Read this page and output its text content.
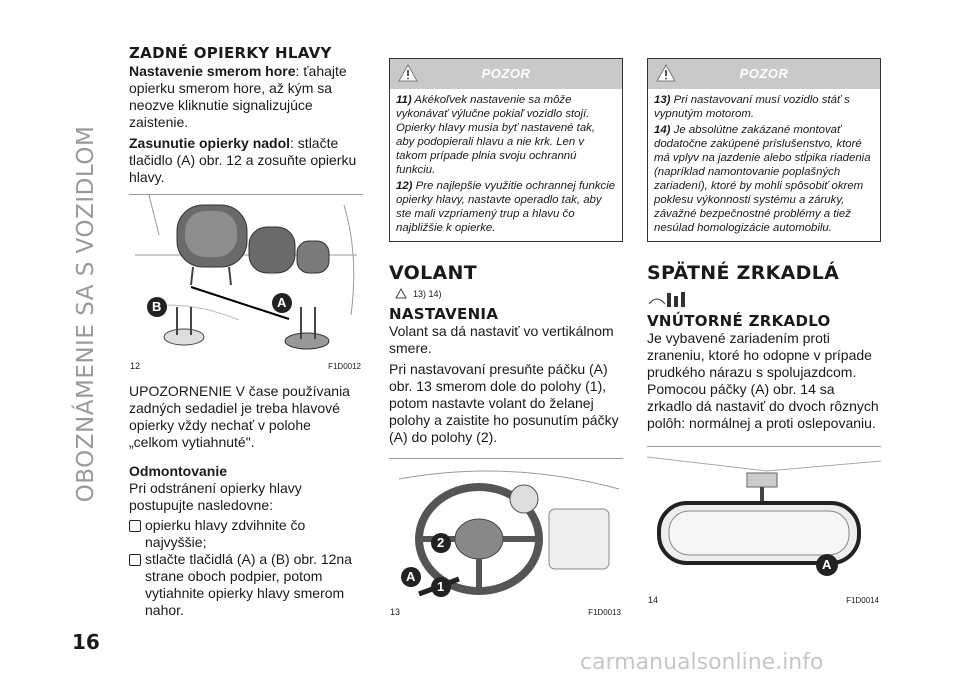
OBOZNÁMENIE SA S VOZIDLOM
16
carmanualsonline.info
ZADNÉ OPIERKY HLAVY

Nastavenie smerom hore: ťahajte opierku smerom hore, až kým sa neozve kliknutie signalizujúce zaistenie.

Zasunutie opierky nadol: stlačte tlačidlo (A) obr. 12 a zosuňte opierku hlavy.

B	A
12	F1D0012

UPOZORNENIE V čase používania zadných sedadiel je treba hlavové opierky vždy nechať v polohe „celkom vytiahnuté".

Odmontovanie

Pri odstránení opierky hlavy postupujte nasledovne:

opierku hlavy zdvihnite čo najvyššie;

stlačte tlačidlá (A) a (B) obr. 12na strane oboch podpier, potom vytiahnite opierky hlavy smerom nahor.

POZOR
11) Akékoľvek nastavenie sa môže vykonávať výlučne pokiaľ vozidlo stojí. Opierky hlavy musia byť nastavené tak, aby podopierali hlavu a nie krk. Len v takom prípade plnia svoju ochrannú funkciu.
12) Pre najlepšie využitie ochrannej funkcie opierky hlavy, nastavte operadlo tak, aby ste mali vzpriamený trup a hlavu čo najbližšie k opierke.
VOLANT
13) 14)
NASTAVENIA

Volant sa dá nastaviť vo vertikálnom smere.

Pri nastavovaní presuňte páčku (A) obr. 13 smerom dole do polohy (1), potom nastavte volant do želanej polohy a zaistite ho posunutím páčky (A) do polohy (2).

2
A
1
13	F1D0013
POZOR
13) Pri nastavovaní musí vozidlo stáť s vypnutým motorom.
14) Je absolútne zakázané montovať dodatočne zakúpené príslušenstvo, ktoré má vplyv na jazdenie alebo stĺpika riadenia (napríklad namontovanie poplašných zariadení), ktoré by mohli spôsobiť okrem poklesu výkonnosti systému a záruky, závažné bezpečnostné problémy a tiež nesúlad homologizácie automobilu.
SPÄTNÉ ZRKADLÁ
VNÚTORNÉ ZRKADLO

Je vybavené zariadením proti zraneniu, ktoré ho odopne v prípade prudkého nárazu s spolujazdcom. Pomocou páčky (A) obr. 14 sa zrkadlo dá nastaviť do dvoch rôznych polôh: normálnej a proti oslepovaniu.

A
14	F1D0014
